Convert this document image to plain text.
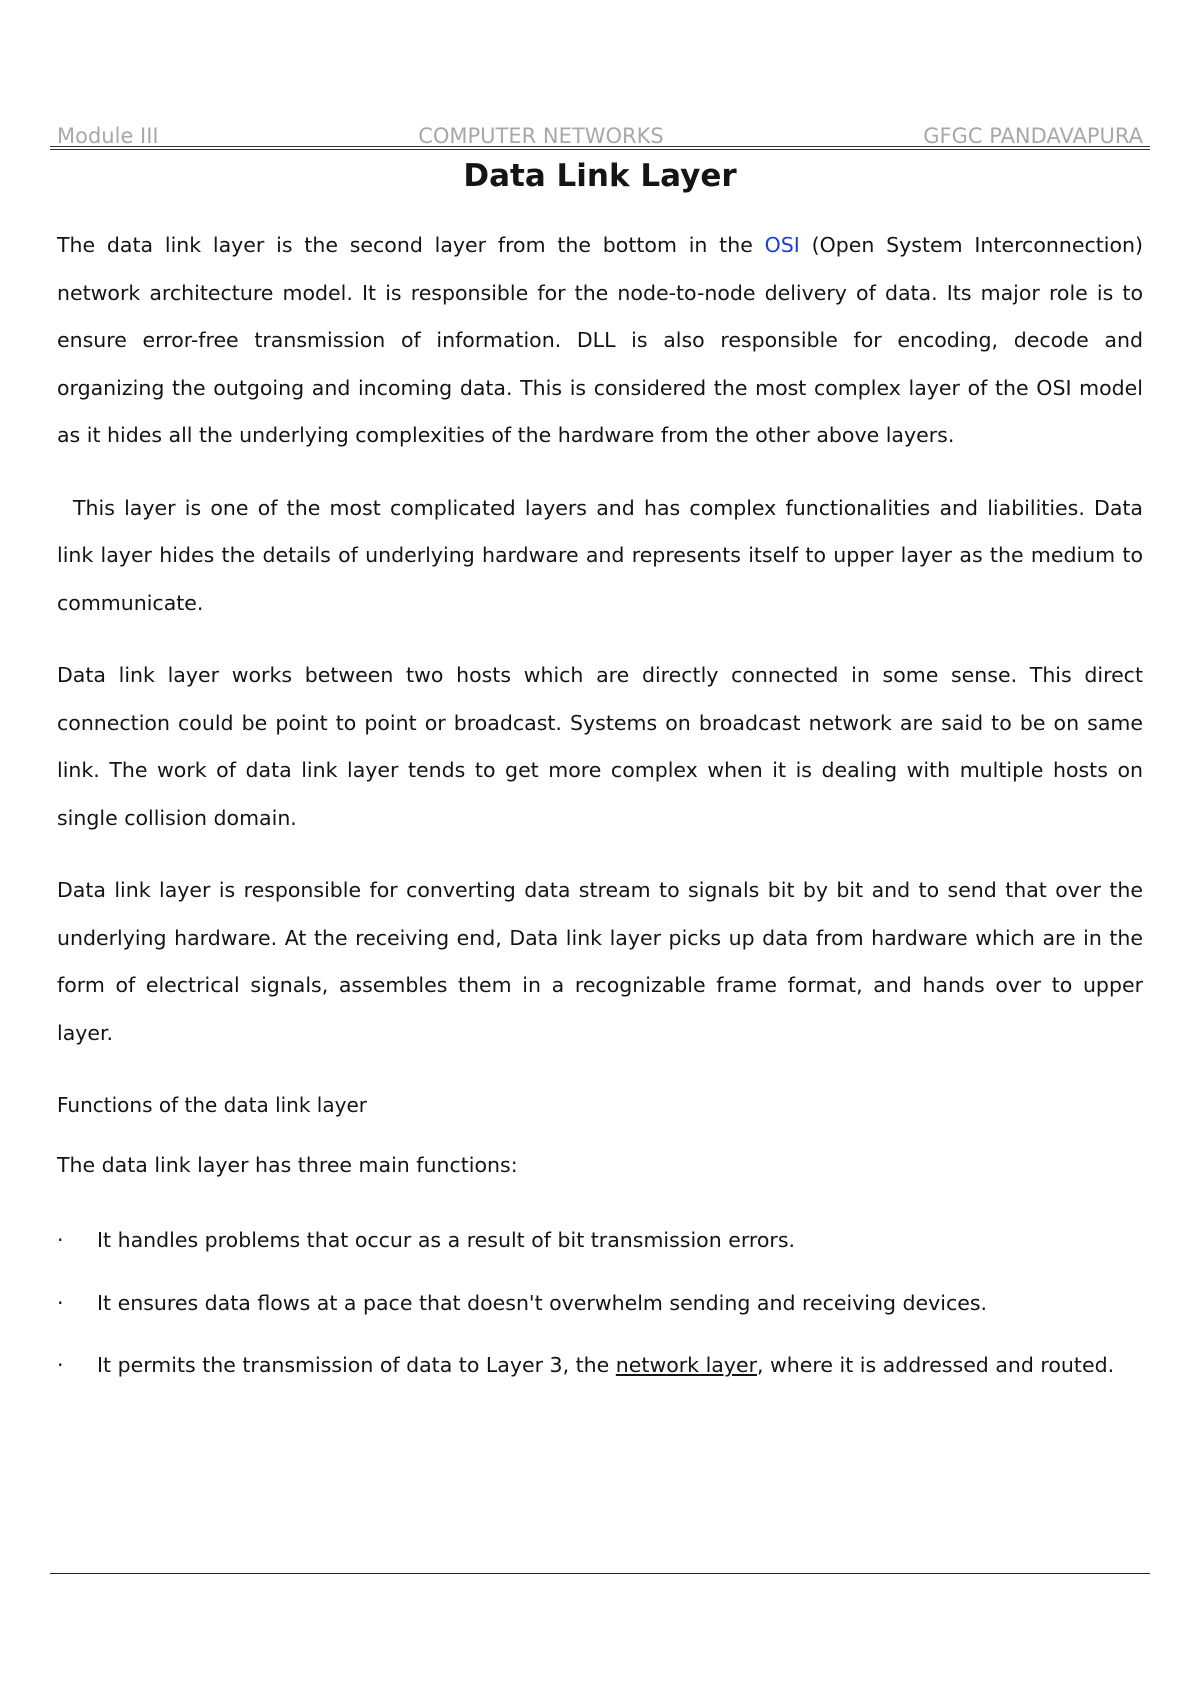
Module III	COMPUTER NETWORKS	GFGC PANDAVAPURA
Data Link Layer

The data link layer is the second layer from the bottom in the OSI (Open System Interconnection) network architecture model. It is responsible for the node-to-node delivery of data. Its major role is to ensure error-free transmission of information. DLL is also responsible for encoding, decode and organizing the outgoing and incoming data. This is considered the most complex layer of the OSI model as it hides all the underlying complexities of the hardware from the other above layers.

This layer is one of the most complicated layers and has complex functionalities and liabilities. Data link layer hides the details of underlying hardware and represents itself to upper layer as the medium to communicate.

Data link layer works between two hosts which are directly connected in some sense. This direct connection could be point to point or broadcast. Systems on broadcast network are said to be on same link. The work of data link layer tends to get more complex when it is dealing with multiple hosts on single collision domain.

Data link layer is responsible for converting data stream to signals bit by bit and to send that over the underlying hardware. At the receiving end, Data link layer picks up data from hardware which are in the form of electrical signals, assembles them in a recognizable frame format, and hands over to upper layer.

Functions of the data link layer
The data link layer has three main functions:
· It handles problems that occur as a result of bit transmission errors.
· It ensures data flows at a pace that doesn't overwhelm sending and receiving devices.
· It permits the transmission of data to Layer 3, the network layer, where it is addressed and routed.
